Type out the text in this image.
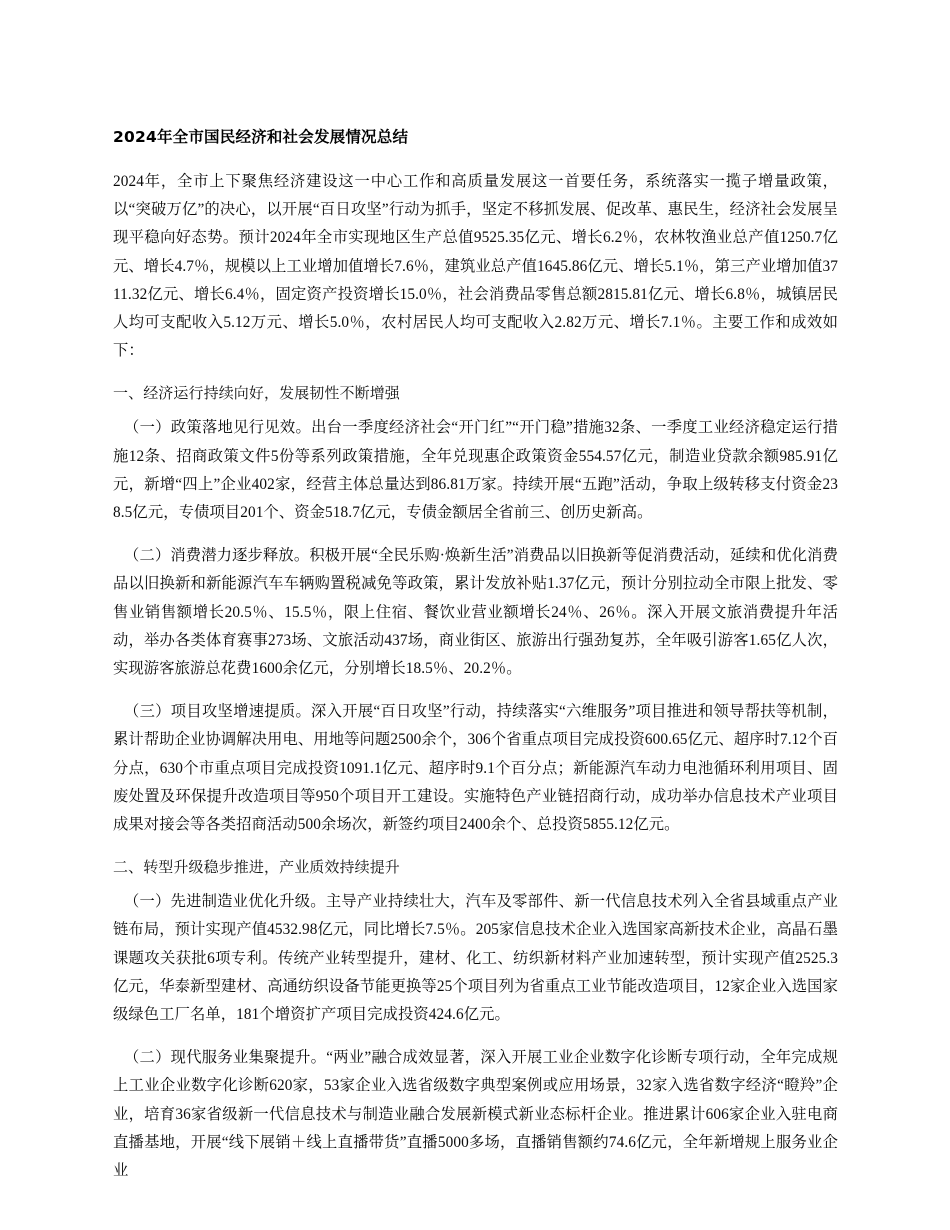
2024年全市国民经济和社会发展情况总结

2024年，全市上下聚焦经济建设这一中心工作和高质量发展这一首要任务，系统落实一揽子增量政策，以“突破万亿”的决心，以开展“百日攻坚”行动为抓手，坚定不移抓发展、促改革、惠民生，经济社会发展呈现平稳向好态势。预计2024年全市实现地区生产总值9525.35亿元、增长6.2％，农林牧渔业总产值1250.7亿元、增长4.7％，规模以上工业增加值增长7.6％，建筑业总产值1645.86亿元、增长5.1％，第三产业增加值3711.32亿元、增长6.4％，固定资产投资增长15.0％，社会消费品零售总额2815.81亿元、增长6.8％，城镇居民人均可支配收入5.12万元、增长5.0％，农村居民人均可支配收入2.82万元、增长7.1％。主要工作和成效如下：

一、经济运行持续向好，发展韧性不断增强

（一）政策落地见行见效。出台一季度经济社会“开门红”“开门稳”措施32条、一季度工业经济稳定运行措施12条、招商政策文件5份等系列政策措施，全年兑现惠企政策资金554.57亿元，制造业贷款余额985.91亿元，新增“四上”企业402家，经营主体总量达到86.81万家。持续开展“五跑”活动，争取上级转移支付资金238.5亿元，专债项目201个、资金518.7亿元，专债金额居全省前三、创历史新高。

（二）消费潜力逐步释放。积极开展“全民乐购·焕新生活”消费品以旧换新等促消费活动，延续和优化消费品以旧换新和新能源汽车车辆购置税减免等政策，累计发放补贴1.37亿元，预计分别拉动全市限上批发、零售业销售额增长20.5％、15.5％，限上住宿、餐饮业营业额增长24％、26％。深入开展文旅消费提升年活动，举办各类体育赛事273场、文旅活动437场，商业街区、旅游出行强劲复苏，全年吸引游客1.65亿人次，实现游客旅游总花费1600余亿元，分别增长18.5％、20.2％。

（三）项目攻坚增速提质。深入开展“百日攻坚”行动，持续落实“六维服务”项目推进和领导帮扶等机制，累计帮助企业协调解决用电、用地等问题2500余个，306个省重点项目完成投资600.65亿元、超序时7.12个百分点，630个市重点项目完成投资1091.1亿元、超序时9.1个百分点；新能源汽车动力电池循环利用项目、固废处置及环保提升改造项目等950个项目开工建设。实施特色产业链招商行动，成功举办信息技术产业项目成果对接会等各类招商活动500余场次，新签约项目2400余个、总投资5855.12亿元。

二、转型升级稳步推进，产业质效持续提升

（一）先进制造业优化升级。主导产业持续壮大，汽车及零部件、新一代信息技术列入全省县域重点产业链布局，预计实现产值4532.98亿元，同比增长7.5％。205家信息技术企业入选国家高新技术企业，高晶石墨课题攻关获批6项专利。传统产业转型提升，建材、化工、纺织新材料产业加速转型，预计实现产值2525.3亿元，华泰新型建材、高通纺织设备节能更换等25个项目列为省重点工业节能改造项目，12家企业入选国家级绿色工厂名单，181个增资扩产项目完成投资424.6亿元。

（二）现代服务业集聚提升。“两业”融合成效显著，深入开展工业企业数字化诊断专项行动，全年完成规上工业企业数字化诊断620家，53家企业入选省级数字典型案例或应用场景，32家入选省数字经济“瞪羚”企业，培育36家省级新一代信息技术与制造业融合发展新模式新业态标杆企业。推进累计606家企业入驻电商直播基地，开展“线下展销＋线上直播带货”直播5000多场，直播销售额约74.6亿元，全年新增规上服务业企业
